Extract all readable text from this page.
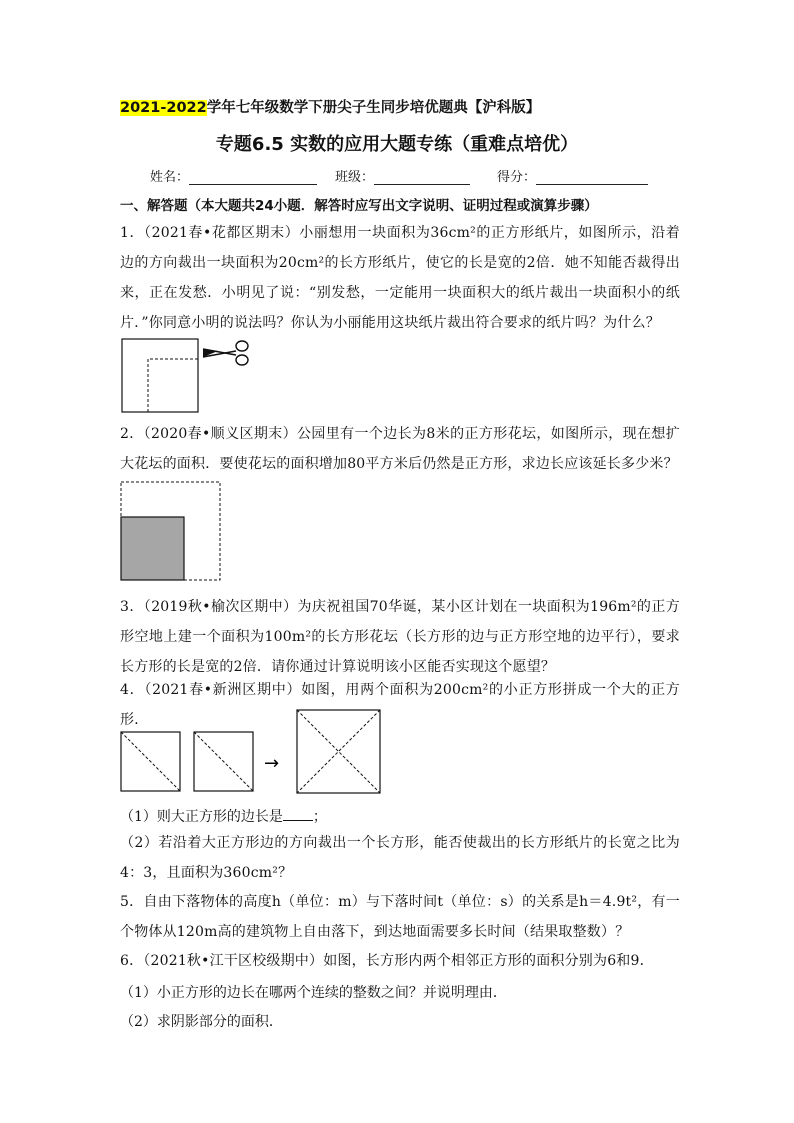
2021-2022学年七年级数学下册尖子生同步培优题典【沪科版】
专题6.5 实数的应用大题专练（重难点培优）
姓名：	班级：	得分：
一、解答题（本大题共24小题．解答时应写出文字说明、证明过程或演算步骤）
1．（2021春•花都区期末）小丽想用一块面积为36cm²的正方形纸片，如图所示，沿着边的方向裁出一块面积为20cm²的长方形纸片，使它的长是宽的2倍．她不知能否裁得出来，正在发愁．小明见了说：“别发愁，一定能用一块面积大的纸片裁出一块面积小的纸片．”你同意小明的说法吗？你认为小丽能用这块纸片裁出符合要求的纸片吗？为什么？
2．（2020春•顺义区期末）公园里有一个边长为8米的正方形花坛，如图所示，现在想扩大花坛的面积．要使花坛的面积增加80平方米后仍然是正方形，求边长应该延长多少米？
3．（2019秋•榆次区期中）为庆祝祖国70华诞，某小区计划在一块面积为196m²的正方形空地上建一个面积为100m²的长方形花坛（长方形的边与正方形空地的边平行），要求长方形的长是宽的2倍．请你通过计算说明该小区能否实现这个愿望？
4．（2021春•新洲区期中）如图，用两个面积为200cm²的小正方形拼成一个大的正方形．
→
（1）则大正方形的边长是 ；
（2）若沿着大正方形边的方向裁出一个长方形，能否使裁出的长方形纸片的长宽之比为4：3，且面积为360cm²？
5．自由下落物体的高度h（单位：m）与下落时间t（单位：s）的关系是h＝4.9t²，有一个物体从120m高的建筑物上自由落下，到达地面需要多长时间（结果取整数）？
6．（2021秋•江干区校级期中）如图，长方形内两个相邻正方形的面积分别为6和9．
（1）小正方形的边长在哪两个连续的整数之间？并说明理由．
（2）求阴影部分的面积．
